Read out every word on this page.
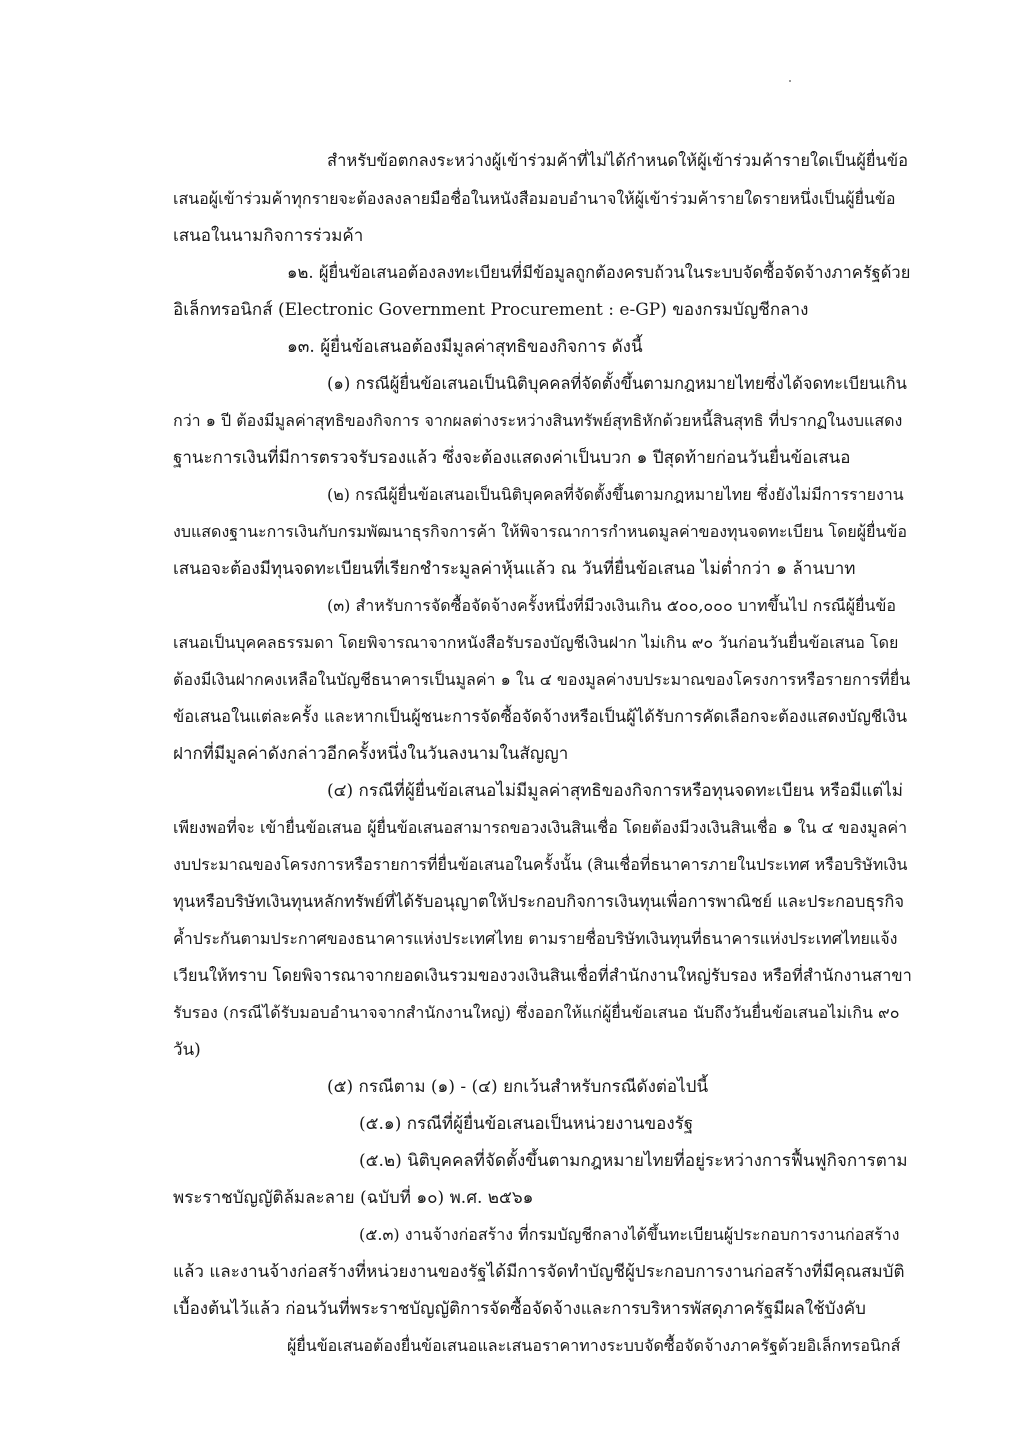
สำหรับข้อตกลงระหว่างผู้เข้าร่วมค้าที่ไม่ได้กำหนดให้ผู้เข้าร่วมค้ารายใดเป็นผู้ยื่นข้อ
เสนอผู้เข้าร่วมค้าทุกรายจะต้องลงลายมือชื่อในหนังสือมอบอำนาจให้ผู้เข้าร่วมค้ารายใดรายหนึ่งเป็นผู้ยื่นข้อ
เสนอในนามกิจการร่วมค้า
๑๒. ผู้ยื่นข้อเสนอต้องลงทะเบียนที่มีข้อมูลถูกต้องครบถ้วนในระบบจัดซื้อจัดจ้างภาครัฐด้วย
อิเล็กทรอนิกส์ (Electronic Government Procurement : e-GP) ของกรมบัญชีกลาง
๑๓. ผู้ยื่นข้อเสนอต้องมีมูลค่าสุทธิของกิจการ ดังนี้
(๑) กรณีผู้ยื่นข้อเสนอเป็นนิติบุคคลที่จัดตั้งขึ้นตามกฎหมายไทยซึ่งได้จดทะเบียนเกิน
กว่า ๑ ปี ต้องมีมูลค่าสุทธิของกิจการ จากผลต่างระหว่างสินทรัพย์สุทธิหักด้วยหนี้สินสุทธิ ที่ปรากฏในงบแสดง
ฐานะการเงินที่มีการตรวจรับรองแล้ว ซึ่งจะต้องแสดงค่าเป็นบวก ๑ ปีสุดท้ายก่อนวันยื่นข้อเสนอ
(๒) กรณีผู้ยื่นข้อเสนอเป็นนิติบุคคลที่จัดตั้งขึ้นตามกฎหมายไทย ซึ่งยังไม่มีการรายงาน
งบแสดงฐานะการเงินกับกรมพัฒนาธุรกิจการค้า ให้พิจารณาการกำหนดมูลค่าของทุนจดทะเบียน โดยผู้ยื่นข้อ
เสนอจะต้องมีทุนจดทะเบียนที่เรียกชำระมูลค่าหุ้นแล้ว ณ วันที่ยื่นข้อเสนอ ไม่ต่ำกว่า ๑ ล้านบาท
(๓) สำหรับการจัดซื้อจัดจ้างครั้งหนึ่งที่มีวงเงินเกิน ๕๐๐,๐๐๐ บาทขึ้นไป กรณีผู้ยื่นข้อ
เสนอเป็นบุคคลธรรมดา โดยพิจารณาจากหนังสือรับรองบัญชีเงินฝาก ไม่เกิน ๙๐ วันก่อนวันยื่นข้อเสนอ โดย
ต้องมีเงินฝากคงเหลือในบัญชีธนาคารเป็นมูลค่า ๑ ใน ๔ ของมูลค่างบประมาณของโครงการหรือรายการที่ยื่น
ข้อเสนอในแต่ละครั้ง และหากเป็นผู้ชนะการจัดซื้อจัดจ้างหรือเป็นผู้ได้รับการคัดเลือกจะต้องแสดงบัญชีเงิน
ฝากที่มีมูลค่าดังกล่าวอีกครั้งหนึ่งในวันลงนามในสัญญา
(๔) กรณีที่ผู้ยื่นข้อเสนอไม่มีมูลค่าสุทธิของกิจการหรือทุนจดทะเบียน หรือมีแต่ไม่
เพียงพอที่จะ เข้ายื่นข้อเสนอ ผู้ยื่นข้อเสนอสามารถขอวงเงินสินเชื่อ โดยต้องมีวงเงินสินเชื่อ ๑ ใน ๔ ของมูลค่า
งบประมาณของโครงการหรือรายการที่ยื่นข้อเสนอในครั้งนั้น (สินเชื่อที่ธนาคารภายในประเทศ หรือบริษัทเงิน
ทุนหรือบริษัทเงินทุนหลักทรัพย์ที่ได้รับอนุญาตให้ประกอบกิจการเงินทุนเพื่อการพาณิชย์ และประกอบธุรกิจ
ค้ำประกันตามประกาศของธนาคารแห่งประเทศไทย ตามรายชื่อบริษัทเงินทุนที่ธนาคารแห่งประเทศไทยแจ้ง
เวียนให้ทราบ โดยพิจารณาจากยอดเงินรวมของวงเงินสินเชื่อที่สำนักงานใหญ่รับรอง หรือที่สำนักงานสาขา
รับรอง (กรณีได้รับมอบอำนาจจากสำนักงานใหญ่) ซึ่งออกให้แก่ผู้ยื่นข้อเสนอ นับถึงวันยื่นข้อเสนอไม่เกิน ๙๐
วัน)
(๕) กรณีตาม (๑) - (๔) ยกเว้นสำหรับกรณีดังต่อไปนี้
(๕.๑) กรณีที่ผู้ยื่นข้อเสนอเป็นหน่วยงานของรัฐ
(๕.๒) นิติบุคคลที่จัดตั้งขึ้นตามกฎหมายไทยที่อยู่ระหว่างการฟื้นฟูกิจการตาม
พระราชบัญญัติล้มละลาย (ฉบับที่ ๑๐) พ.ศ. ๒๕๖๑
(๕.๓) งานจ้างก่อสร้าง ที่กรมบัญชีกลางได้ขึ้นทะเบียนผู้ประกอบการงานก่อสร้าง
แล้ว และงานจ้างก่อสร้างที่หน่วยงานของรัฐได้มีการจัดทำบัญชีผู้ประกอบการงานก่อสร้างที่มีคุณสมบัติ
เบื้องต้นไว้แล้ว ก่อนวันที่พระราชบัญญัติการจัดซื้อจัดจ้างและการบริหารพัสดุภาครัฐมีผลใช้บังคับ
ผู้ยื่นข้อเสนอต้องยื่นข้อเสนอและเสนอราคาทางระบบจัดซื้อจัดจ้างภาครัฐด้วยอิเล็กทรอนิกส์
